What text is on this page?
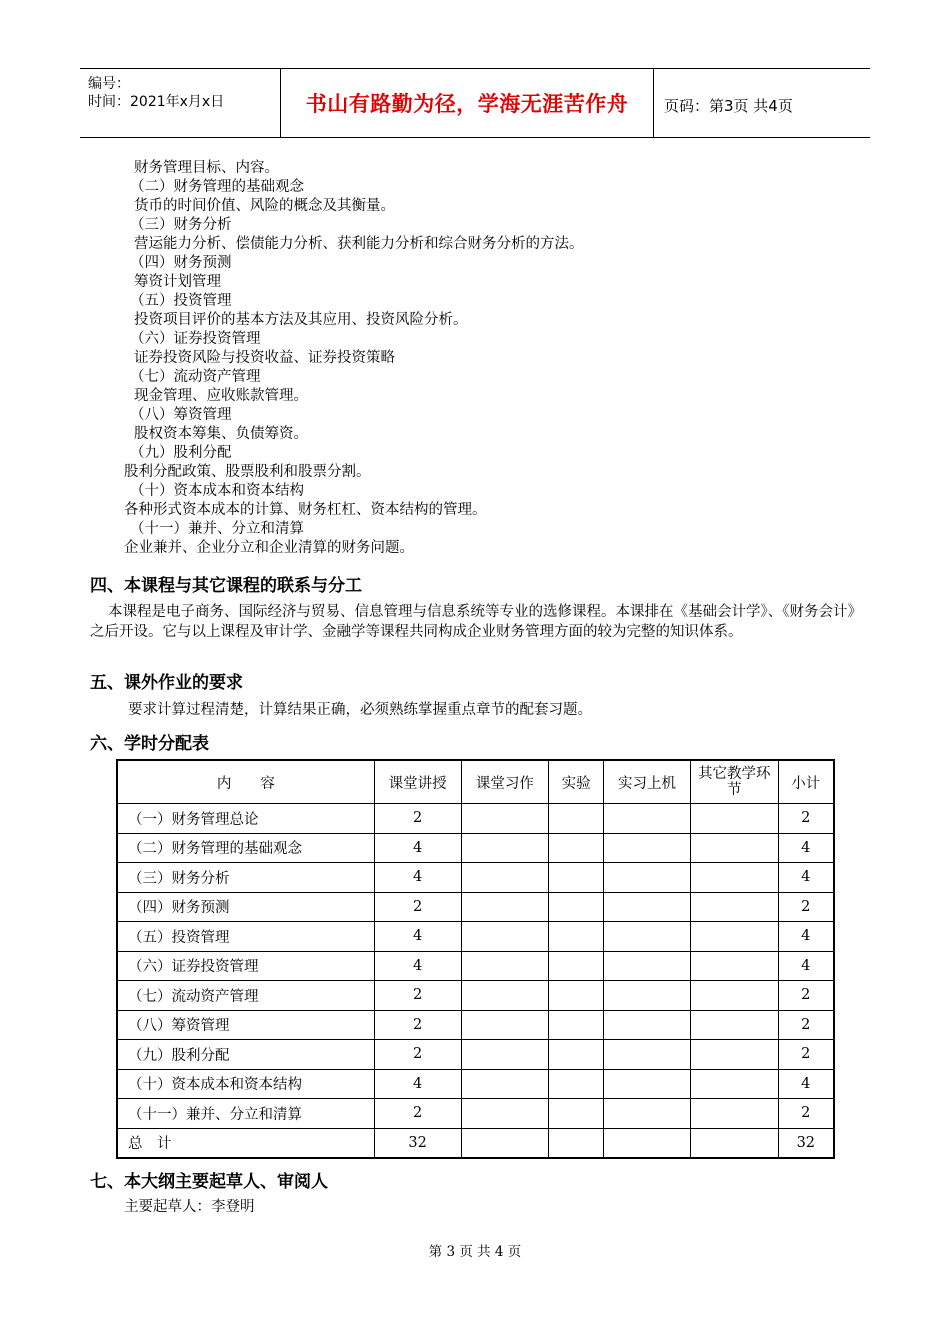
编号：
时间：2021年x月x日	书山有路勤为径，学海无涯苦作舟	页码：第3页 共4页
财务管理目标、内容。
（二）财务管理的基础观念
货币的时间价值、风险的概念及其衡量。
（三）财务分析
营运能力分析、偿债能力分析、获利能力分析和综合财务分析的方法。
（四）财务预测
筹资计划管理
（五）投资管理
投资项目评价的基本方法及其应用、投资风险分析。
（六）证券投资管理
证券投资风险与投资收益、证券投资策略
（七）流动资产管理
现金管理、应收账款管理。
（八）筹资管理
股权资本筹集、负债筹资。
（九）股利分配
股利分配政策、股票股利和股票分割。
（十）资本成本和资本结构
各种形式资本成本的计算、财务杠杠、资本结构的管理。
（十一）兼并、分立和清算
企业兼并、企业分立和企业清算的财务问题。
四、本课程与其它课程的联系与分工
本课程是电子商务、国际经济与贸易、信息管理与信息系统等专业的选修课程。本课排在《基础会计学》、《财务会计》之后开设。它与以上课程及审计学、金融学等课程共同构成企业财务管理方面的较为完整的知识体系。
五、课外作业的要求
要求计算过程清楚，计算结果正确，必须熟练掌握重点章节的配套习题。
六、学时分配表
内　　容	课堂讲授	课堂习作	实验	实习上机	其它教学环节	小计
（一）财务管理总论	2					2
（二）财务管理的基础观念	4					4
（三）财务分析	4					4
（四）财务预测	2					2
（五）投资管理	4					4
（六）证券投资管理	4					4
（七）流动资产管理	2					2
（八）筹资管理	2					2
（九）股利分配	2					2
（十）资本成本和资本结构	4					4
（十一）兼并、分立和清算	2					2
总　计	32					32
七、本大纲主要起草人、审阅人
主要起草人：李登明
第 3 页 共 4 页
